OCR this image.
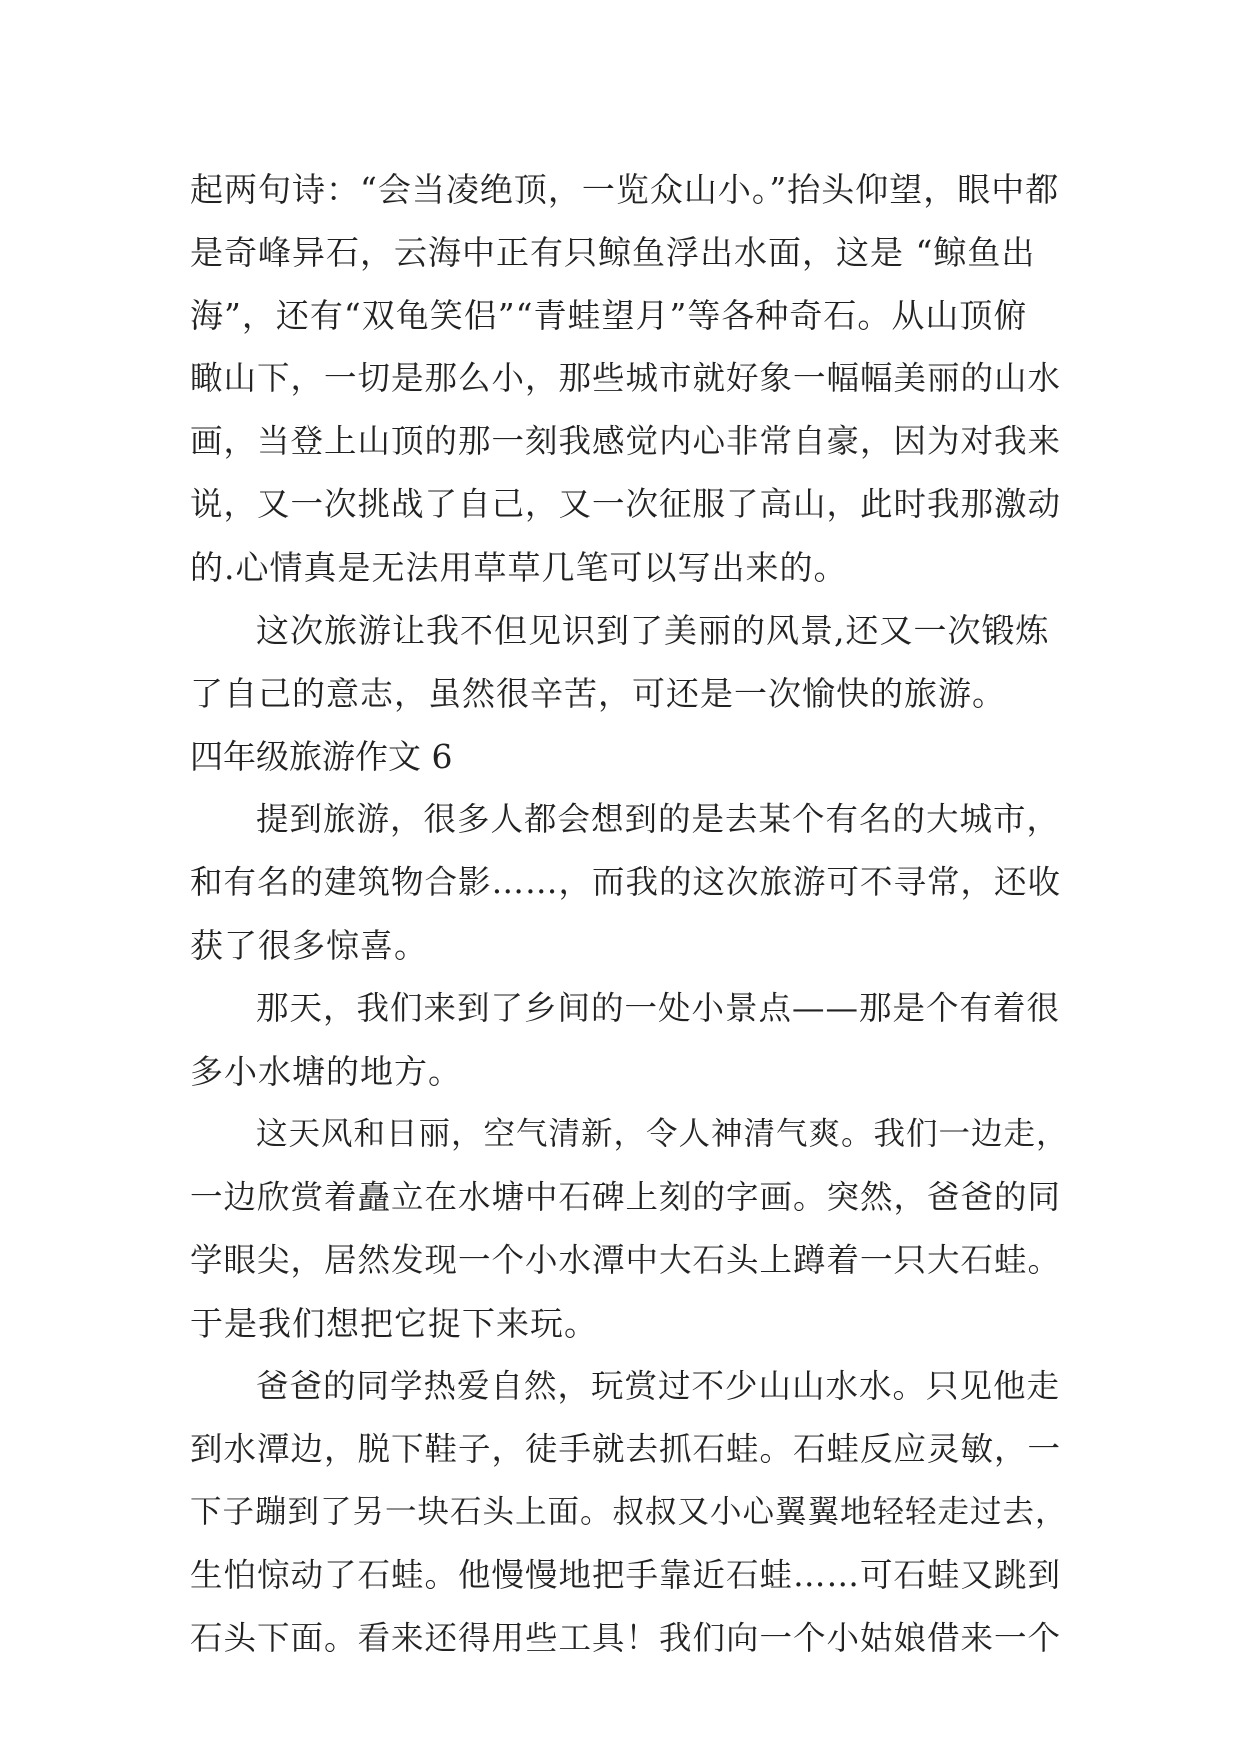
起两句诗：“会当凌绝顶，一览众山小。”抬头仰望，眼中都
是奇峰异石，云海中正有只鲸鱼浮出水面，这是 “鲸鱼出
海”，还有“双龟笑侣”“青蛙望月”等各种奇石。从山顶俯
瞰山下，一切是那么小，那些城市就好象一幅幅美丽的山水
画，当登上山顶的那一刻我感觉内心非常自豪，因为对我来
说，又一次挑战了自己，又一次征服了高山，此时我那激动
的.心情真是无法用草草几笔可以写出来的。
这次旅游让我不但见识到了美丽的风景,还又一次锻炼
了自己的意志，虽然很辛苦，可还是一次愉快的旅游。
四年级旅游作文 6
提到旅游，很多人都会想到的是去某个有名的大城市，
和有名的建筑物合影……，而我的这次旅游可不寻常，还收
获了很多惊喜。
那天，我们来到了乡间的一处小景点——那是个有着很
多小水塘的地方。
这天风和日丽，空气清新，令人神清气爽。我们一边走，
一边欣赏着矗立在水塘中石碑上刻的字画。突然，爸爸的同
学眼尖，居然发现一个小水潭中大石头上蹲着一只大石蛙。
于是我们想把它捉下来玩。
爸爸的同学热爱自然，玩赏过不少山山水水。只见他走
到水潭边，脱下鞋子，徒手就去抓石蛙。石蛙反应灵敏，一
下子蹦到了另一块石头上面。叔叔又小心翼翼地轻轻走过去，
生怕惊动了石蛙。他慢慢地把手靠近石蛙……可石蛙又跳到
石头下面。看来还得用些工具！我们向一个小姑娘借来一个
